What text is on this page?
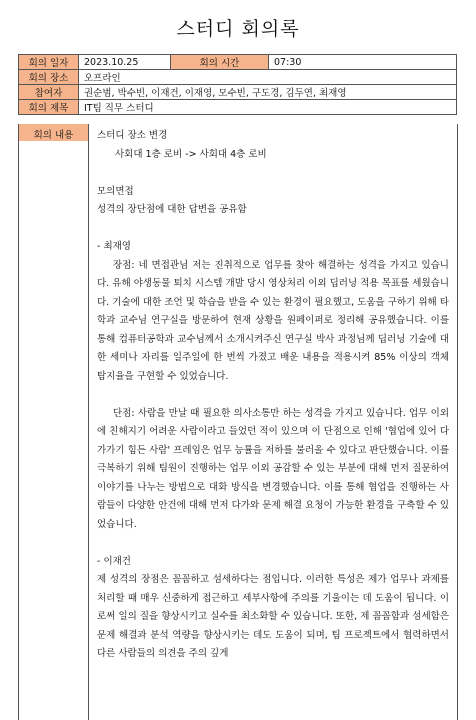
스터디 회의록
회의 일자	2023.10.25	회의 시간	07:30
회의 장소	오프라인		
참여자	권순범, 박수빈, 이재건, 이재영, 모수빈, 구도경, 김두연, 최재영		
회의 제목	IT팀 직무 스터디		
회의 내용	스터디 장소 변경

사회대 1층 로비 -> 사회대 4층 로비

모의면접

성격의 장단점에 대한 답변을 공유함

- 최재영

장점: 네 면접관님 저는 진취적으로 업무를 찾아 해결하는 성격을 가지고 있습니다. 유해 야생동물 퇴치 시스템 개발 당시 영상처리 이외 딥러닝 적용 목표를 세웠습니다. 기술에 대한 조언 및 학습을 받을 수 있는 환경이 필요했고, 도움을 구하기 위해 타학과 교수님 연구실을 방문하여 현재 상황을 원페이퍼로 정리해 공유했습니다. 이를 통해 컴퓨터공학과 교수님께서 소개시켜주신 연구실 박사 과정님께 딥러닝 기술에 대한 세미나 자리를 일주일에 한 번씩 가졌고 배운 내용을 적용시켜 85% 이상의 객체 탐지율을 구현할 수 있었습니다.

단점: 사람을 만날 때 필요한 의사소통만 하는 성격을 가지고 있습니다. 업무 이외에 친해지기 어려운 사람이라고 들었던 적이 있으며 이 단점으로 인해 '협업에 있어 다가가기 힘든 사람' 프레임은 업무 능률을 저하를 불러올 수 있다고 판단했습니다. 이를 극복하기 위해 팀원이 진행하는 업무 이외 공감할 수 있는 부분에 대해 먼저 질문하여 이야기를 나누는 방법으로 대화 방식을 변경했습니다. 이를 통해 협업을 진행하는 사람들이 다양한 안건에 대해 먼저 다가와 문제 해결 요청이 가능한 환경을 구축할 수 있었습니다.

- 이재건

제 성격의 장점은 꼼꼼하고 섬세하다는 점입니다. 이러한 특성은 제가 업무나 과제를 처리할 때 매우 신중하게 접근하고 세부사항에 주의를 기울이는 데 도움이 됩니다. 이로써 일의 질을 향상시키고 실수를 최소화할 수 있습니다. 또한, 제 꼼꼼함과 섬세함은 문제 해결과 분석 역량을 향상시키는 데도 도움이 되며, 팀 프로젝트에서 협력하면서 다른 사람들의 의견을 주의 깊게
